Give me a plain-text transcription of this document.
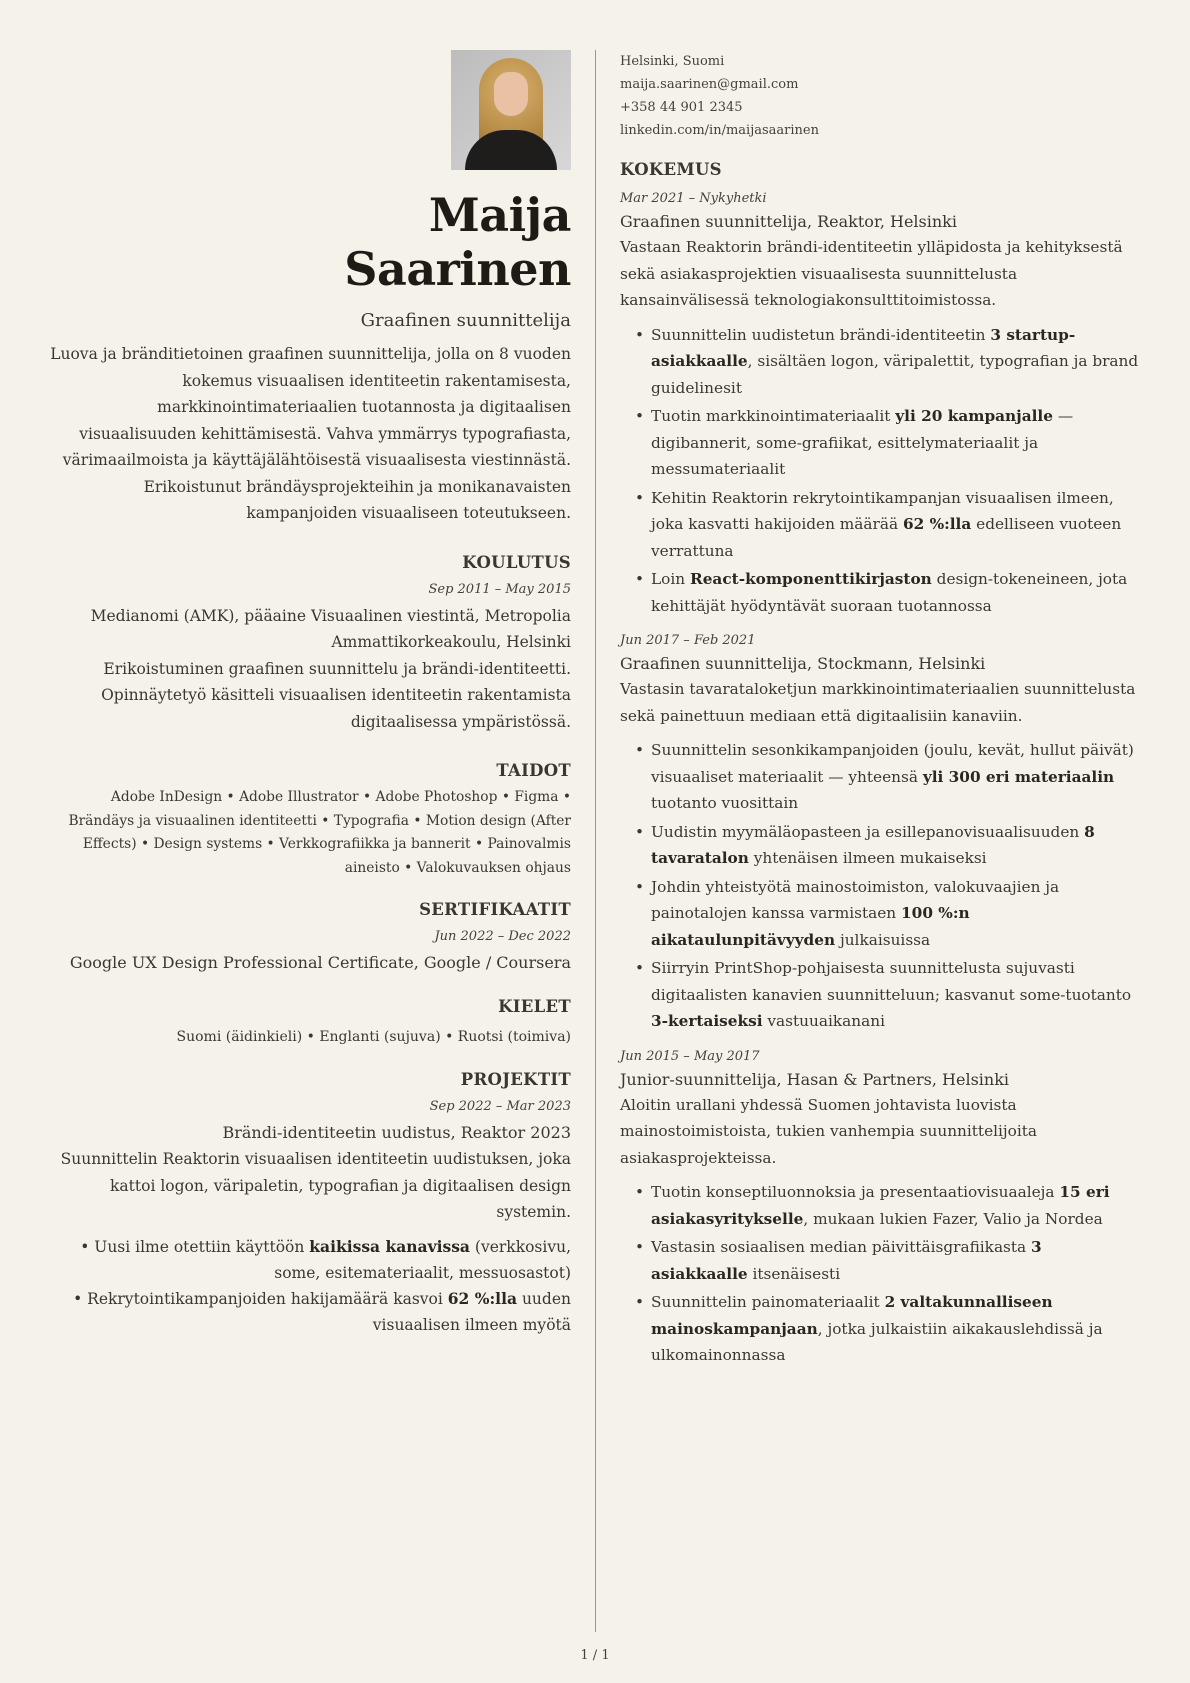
Maija
Saarinen
Graafinen suunnittelija

Luova ja bränditietoinen graafinen suunnittelija, jolla on 8 vuoden kokemus visuaalisen identiteetin rakentamisesta, markkinointimateriaalien tuotannosta ja digitaalisen visuaalisuuden kehittämisestä. Vahva ymmärrys typografiasta, värimaailmoista ja käyttäjälähtöisestä visuaalisesta viestinnästä. Erikoistunut brändäysprojekteihin ja monikanavaisten kampanjoiden visuaaliseen toteutukseen.

KOULUTUS
Sep 2011 – May 2015
Medianomi (AMK), pääaine Visuaalinen viestintä, Metropolia Ammattikorkeakoulu, Helsinki
Erikoistuminen graafinen suunnittelu ja brändi-identiteetti. Opinnäytetyö käsitteli visuaalisen identiteetin rakentamista digitaalisessa ympäristössä.
TAIDOT
Adobe InDesign • Adobe Illustrator • Adobe Photoshop • Figma • Brändäys ja visuaalinen identiteetti • Typografia • Motion design (After Effects) • Design systems • Verkkografiikka ja bannerit • Painovalmis aineisto • Valokuvauksen ohjaus
SERTIFIKAATIT
Jun 2022 – Dec 2022
Google UX Design Professional Certificate, Google / Coursera
KIELET
Suomi (äidinkieli) • Englanti (sujuva) • Ruotsi (toimiva)
PROJEKTIT
Sep 2022 – Mar 2023
Brändi-identiteetin uudistus, Reaktor 2023
Suunnittelin Reaktorin visuaalisen identiteetin uudistuksen, joka kattoi logon, väripaletin, typografian ja digitaalisen design systemin.

• Uusi ilme otettiin käyttöön kaikissa kanavissa (verkkosivu, some, esitemateriaalit, messuosastot)

• Rekrytointikampanjoiden hakijamäärä kasvoi 62 %:lla uuden visuaalisen ilmeen myötä

Helsinki, Suomi
maija.saarinen@gmail.com
+358 44 901 2345
linkedin.com/in/maijasaarinen
KOKEMUS
Mar 2021 – Nykyhetki
Graafinen suunnittelija, Reaktor, Helsinki
Vastaan Reaktorin brändi-identiteetin ylläpidosta ja kehityksestä sekä asiakasprojektien visuaalisesta suunnittelusta kansainvälisessä teknologiakonsulttitoimistossa.
• Suunnittelin uudistetun brändi-identiteetin 3 startup-asiakkaalle, sisältäen logon, väripalettit, typografian ja brand guidelinesit
• Tuotin markkinointimateriaalit yli 20 kampanjalle — digibannerit, some-grafiikat, esittelymateriaalit ja messumateriaalit
• Kehitin Reaktorin rekrytointikampanjan visuaalisen ilmeen, joka kasvatti hakijoiden määrää 62 %:lla edelliseen vuoteen verrattuna
• Loin React-komponenttikirjaston design-tokeneineen, jota kehittäjät hyödyntävät suoraan tuotannossa
Jun 2017 – Feb 2021
Graafinen suunnittelija, Stockmann, Helsinki
Vastasin tavarataloketjun markkinointimateriaalien suunnittelusta sekä painettuun mediaan että digitaalisiin kanaviin.
• Suunnittelin sesonkikampanjoiden (joulu, kevät, hullut päivät) visuaaliset materiaalit — yhteensä yli 300 eri materiaalin tuotanto vuosittain
• Uudistin myymäläopasteen ja esillepanovisuaalisuuden 8 tavaratalon yhtenäisen ilmeen mukaiseksi
• Johdin yhteistyötä mainostoimiston, valokuvaajien ja painotalojen kanssa varmistaen 100 %:n aikataulunpitävyyden julkaisuissa
• Siirryin PrintShop-pohjaisesta suunnittelusta sujuvasti digitaalisten kanavien suunnitteluun; kasvanut some-tuotanto 3-kertaiseksi vastuuaikanani
Jun 2015 – May 2017
Junior-suunnittelija, Hasan & Partners, Helsinki
Aloitin urallani yhdessä Suomen johtavista luovista mainostoimistoista, tukien vanhempia suunnittelijoita asiakasprojekteissa.
• Tuotin konseptiluonnoksia ja presentaatiovisuaaleja 15 eri asiakasyritykselle, mukaan lukien Fazer, Valio ja Nordea
• Vastasin sosiaalisen median päivittäisgrafiikasta 3 asiakkaalle itsenäisesti
• Suunnittelin painomateriaalit 2 valtakunnalliseen mainoskampanjaan, jotka julkaistiin aikakauslehdissä ja ulkomainonnassa
1 / 1
